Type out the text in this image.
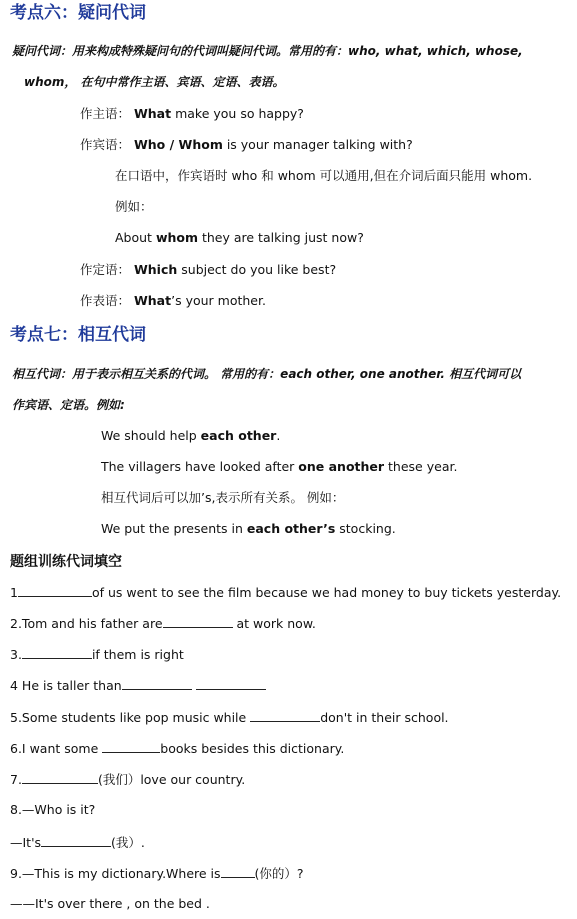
考点六：疑问代词
疑问代词：用来构成特殊疑问句的代词叫疑问代词。常用的有：who, what, which, whose,
whom， 在句中常作主语、宾语、定语、表语。
作主语： What make you so happy?
作宾语： Who / Whom is your manager talking with?
在口语中，作宾语时 who 和 whom 可以通用,但在介词后面只能用 whom.
例如：
About whom they are talking just now?
作定语： Which subject do you like best?
作表语： What’s your mother.
考点七：相互代词
相互代词：用于表示相互关系的代词。 常用的有：each other, one another. 相互代词可以
作宾语、定语。例如:
We should help each other.
The villagers have looked after one another these year.
相互代词后可以加’s,表示所有关系。 例如：
We put the presents in each other’s stocking.
题组训练代词填空
1	of us went to see the film because we had money to buy tickets yesterday.
2.Tom and his father are	at work now.
3.	if them is right
4 He is taller than
5.Some students like pop music while	don't in their school.
6.I want some	books besides this dictionary.
7.	(我们）love our country.
8.—Who is it?
—It's	(我）.
9.—This is my dictionary.Where is	(你的）?
——It's over there , on the bed .
